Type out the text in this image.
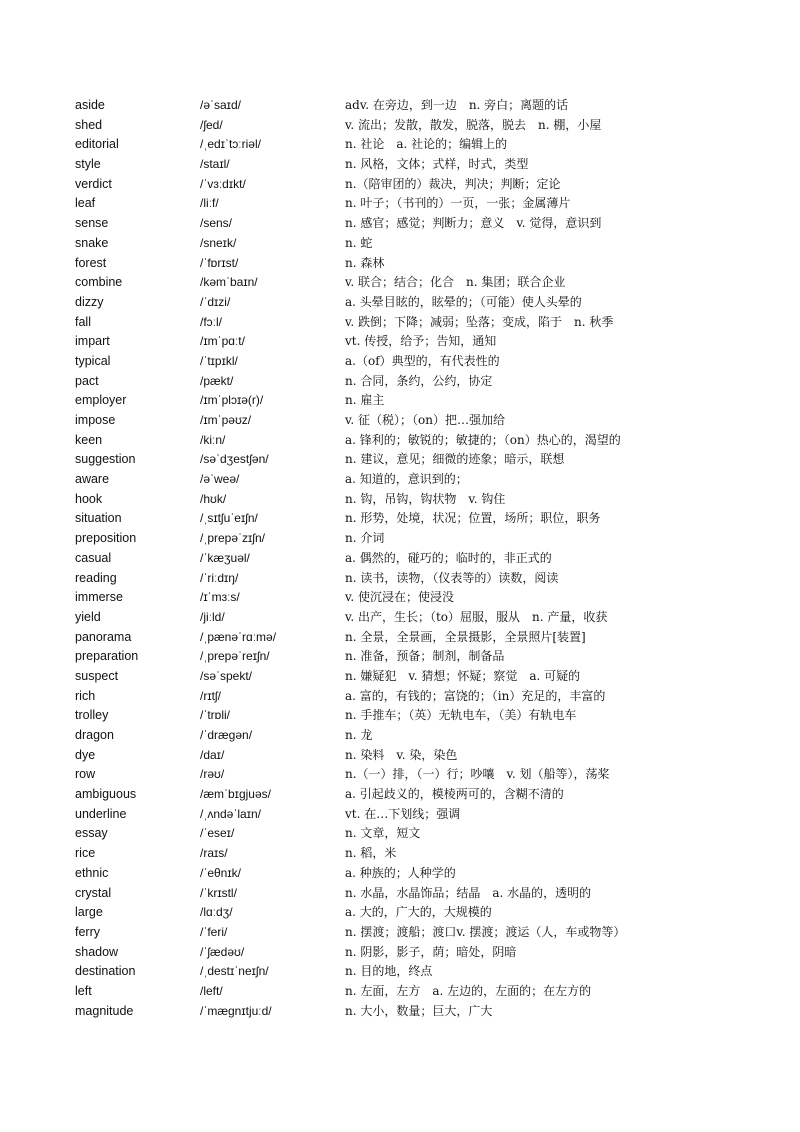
aside	/əˈsaɪd/	adv. 在旁边，到一边　n. 旁白；离题的话
shed	/ʃed/	v. 流出；发散，散发，脱落，脱去　n. 棚，小屋
editorial	/ˌedɪˈtɔːriəl/	n. 社论　a. 社论的；编辑上的
style	/staɪl/	n. 风格，文体；式样，时式，类型
verdict	/ˈvɜːdɪkt/	n.（陪审团的）裁决，判决；判断；定论
leaf	/liːf/	n. 叶子；（书刊的）一页，一张；金属薄片
sense	/sens/	n. 感官；感觉；判断力；意义　v. 觉得，意识到
snake	/sneɪk/	n. 蛇
forest	/ˈfɒrɪst/	n. 森林
combine	/kəmˈbaɪn/	v. 联合；结合；化合　n. 集团；联合企业
dizzy	/ˈdɪzi/	a. 头晕目眩的，眩晕的；（可能）使人头晕的
fall	/fɔːl/	v. 跌倒；下降；减弱；坠落；变成，陷于　n. 秋季
impart	/ɪmˈpɑːt/	vt. 传授，给予；告知，通知
typical	/ˈtɪpɪkl/	a.（of）典型的，有代表性的
pact	/pækt/	n. 合同，条约，公约，协定
employer	/ɪmˈplɔɪə(r)/	n. 雇主
impose	/ɪmˈpəʊz/	v. 征（税）；（on）把…强加给
keen	/kiːn/	a. 锋利的；敏锐的；敏捷的；（on）热心的，渴望的
suggestion	/səˈdʒestʃən/	n. 建议，意见；细微的迹象；暗示，联想
aware	/əˈweə/	a. 知道的，意识到的；
hook	/hʊk/	n. 钩，吊钩，钩状物　v. 钩住
situation	/ˌsɪtʃuˈeɪʃn/	n. 形势，处境，状况；位置，场所；职位，职务
preposition	/ˌprepəˈzɪʃn/	n. 介词
casual	/ˈkæʒuəl/	a. 偶然的，碰巧的；临时的，非正式的
reading	/ˈriːdɪŋ/	n. 读书，读物，（仪表等的）读数，阅读
immerse	/ɪˈmɜːs/	v. 使沉浸在；使浸没
yield	/jiːld/	v. 出产，生长；（to）屈服，服从　n. 产量，收获
panorama	/ˌpænəˈrɑːmə/	n. 全景，全景画，全景摄影，全景照片[装置]
preparation	/ˌprepəˈreɪʃn/	n. 准备，预备；制剂，制备品
suspect	/səˈspekt/	n. 嫌疑犯　v. 猜想；怀疑；察觉　a. 可疑的
rich	/rɪtʃ/	a. 富的，有钱的；富饶的；（in）充足的，丰富的
trolley	/ˈtrɒli/	n. 手推车；（英）无轨电车，（美）有轨电车
dragon	/ˈdræɡən/	n. 龙
dye	/daɪ/	n. 染料　v. 染，染色
row	/rəʊ/	n.（一）排，（一）行；吵嚷　v. 划（船等），荡桨
ambiguous	/æmˈbɪɡjuəs/	a. 引起歧义的，模棱两可的，含糊不清的
underline	/ˌʌndəˈlaɪn/	vt. 在…下划线；强调
essay	/ˈeseɪ/	n. 文章，短文
rice	/raɪs/	n. 稻，米
ethnic	/ˈeθnɪk/	a. 种族的；人种学的
crystal	/ˈkrɪstl/	n. 水晶，水晶饰品；结晶　a. 水晶的，透明的
large	/lɑːdʒ/	a. 大的，广大的，大规模的
ferry	/ˈferi/	n. 摆渡；渡船；渡口v. 摆渡；渡运（人，车或物等）
shadow	/ˈʃædəʊ/	n. 阴影，影子，荫；暗处，阴暗
destination	/ˌdestɪˈneɪʃn/	n. 目的地，终点
left	/left/	n. 左面，左方　a. 左边的，左面的；在左方的
magnitude	/ˈmæɡnɪtjuːd/	n. 大小，数量；巨大，广大
